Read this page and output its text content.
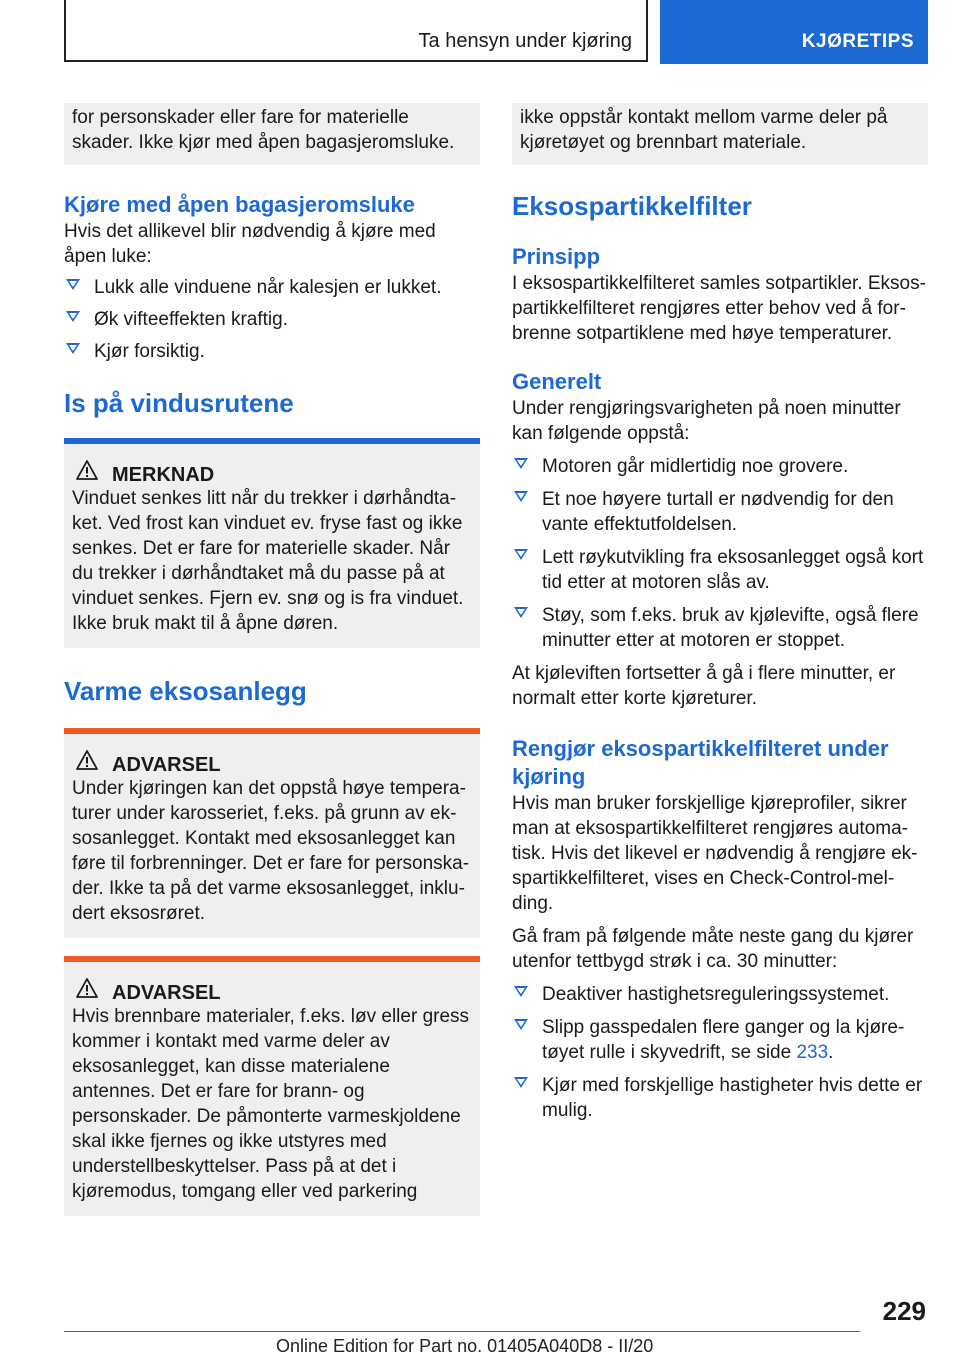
Ta hensyn under kjøring	KJØRETIPS

for personskader eller fare for materielle skader. Ikke kjør med åpen bagasjeromsluke.

Kjøre med åpen bagasjeromsluke

Hvis det allikevel blir nødvendig å kjøre med åpen luke:

Lukk alle vinduene når kalesjen er lukket.
Øk vifteeffekten kraftig.
Kjør forsiktig.
Is på vindusrutene
MERKNAD

Vinduet senkes litt når du trekker i dørhåndtaket. Ved frost kan vinduet ev. fryse fast og ikke senkes. Det er fare for materielle skader. Når du trekker i dørhåndtaket må du passe på at vinduet senkes. Fjern ev. snø og is fra vinduet. Ikke bruk makt til å åpne døren.

Varme eksosanlegg
ADVARSEL

Under kjøringen kan det oppstå høye temperaturer under karosseriet, f.eks. på grunn av eksosanlegget. Kontakt med eksosanlegget kan føre til forbrenninger. Det er fare for personskader. Ikke ta på det varme eksosanlegget, inkludert eksosrøret.

ADVARSEL

Hvis brennbare materialer, f.eks. løv eller gress kommer i kontakt med varme deler av eksosanlegget, kan disse materialene antennes. Det er fare for brann- og personskader. De påmonterte varmeskjoldene skal ikke fjernes og ikke utstyres med understellbeskyttelser. Pass på at det i kjøremodus, tomgang eller ved parkering

ikke oppstår kontakt mellom varme deler på kjøretøyet og brennbart materiale.

Eksospartikkelfilter
Prinsipp

I eksospartikkelfilteret samles sotpartikler. Eksospartikkelfilteret rengjøres etter behov ved å forbrenne sotpartiklene med høye temperaturer.

Generelt

Under rengjøringsvarigheten på noen minutter kan følgende oppstå:

Motoren går midlertidig noe grovere.
Et noe høyere turtall er nødvendig for den vante effektutfoldelsen.
Lett røykutvikling fra eksosanlegget også kort tid etter at motoren slås av.
Støy, som f.eks. bruk av kjølevifte, også flere minutter etter at motoren er stoppet.

At kjøleviften fortsetter å gå i flere minutter, er normalt etter korte kjøreturer.

Rengjør eksospartikkelfilteret under kjøring

Hvis man bruker forskjellige kjøreprofiler, sikrer man at eksospartikkelfilteret rengjøres automatisk. Hvis det likevel er nødvendig å rengjøre ekspartikkelfilteret, vises en Check-Control-melding.

Gå fram på følgende måte neste gang du kjører utenfor tettbygd strøk i ca. 30 minutter:

Deaktiver hastighetsreguleringssystemet.
Slipp gasspedalen flere ganger og la kjøretøyet rulle i skyvedrift, se side 233.
Kjør med forskjellige hastigheter hvis dette er mulig.
229
Online Edition for Part no. 01405A040D8 - II/20
